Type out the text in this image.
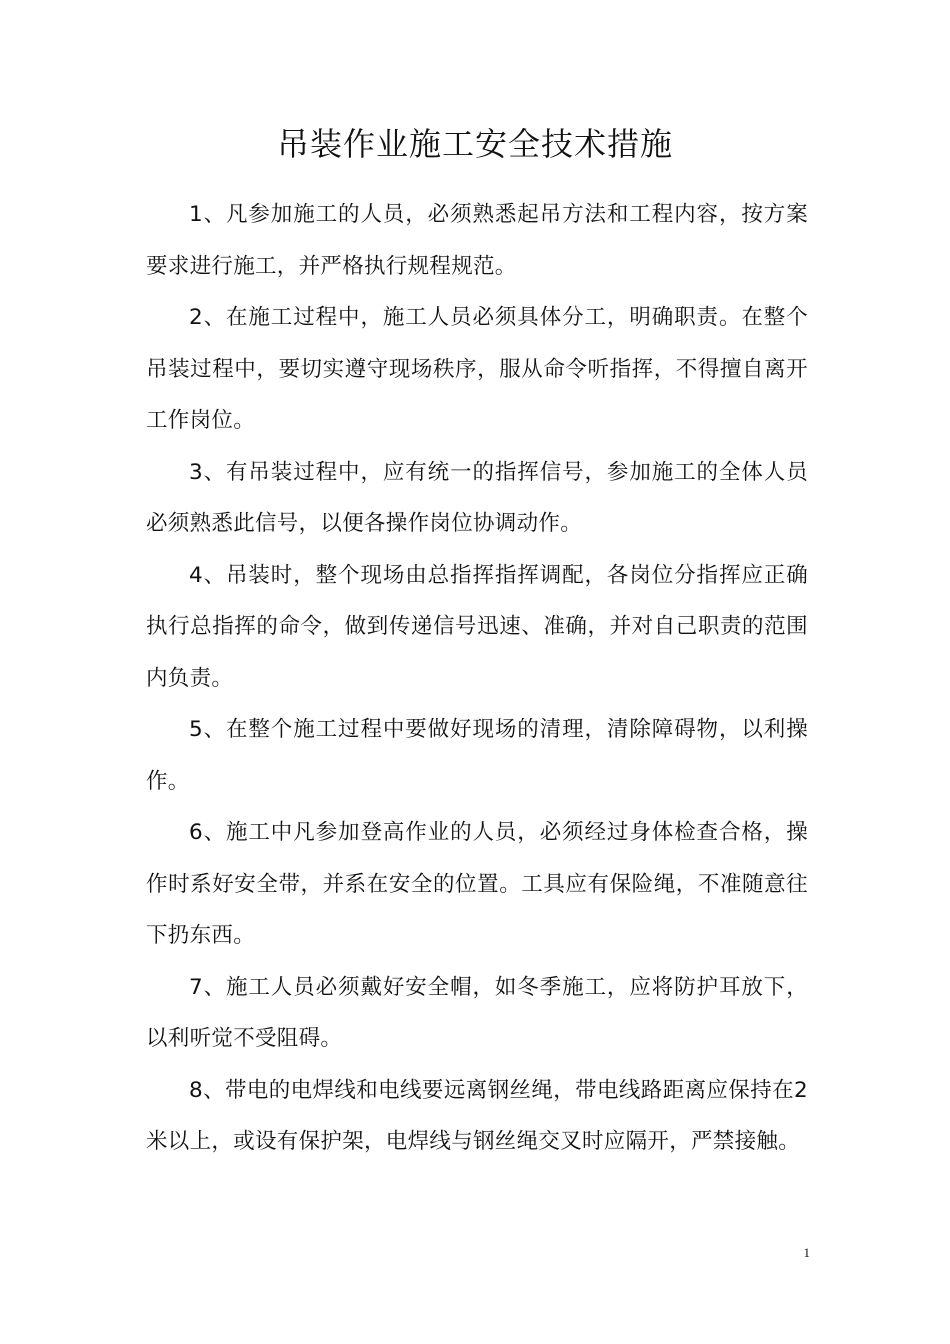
吊装作业施工安全技术措施

1、凡参加施工的人员，必须熟悉起吊方法和工程内容，按方案要求进行施工，并严格执行规程规范。

2、在施工过程中，施工人员必须具体分工，明确职责。在整个吊装过程中，要切实遵守现场秩序，服从命令听指挥，不得擅自离开工作岗位。

3、有吊装过程中，应有统一的指挥信号，参加施工的全体人员必须熟悉此信号，以便各操作岗位协调动作。

4、吊装时，整个现场由总指挥指挥调配，各岗位分指挥应正确执行总指挥的命令，做到传递信号迅速、准确，并对自己职责的范围内负责。

5、在整个施工过程中要做好现场的清理，清除障碍物，以利操作。

6、施工中凡参加登高作业的人员，必须经过身体检查合格，操作时系好安全带，并系在安全的位置。工具应有保险绳，不准随意往下扔东西。

7、施工人员必须戴好安全帽，如冬季施工，应将防护耳放下，以利听觉不受阻碍。

8、带电的电焊线和电线要远离钢丝绳，带电线路距离应保持在2米以上，或设有保护架，电焊线与钢丝绳交叉时应隔开，严禁接触。

1
